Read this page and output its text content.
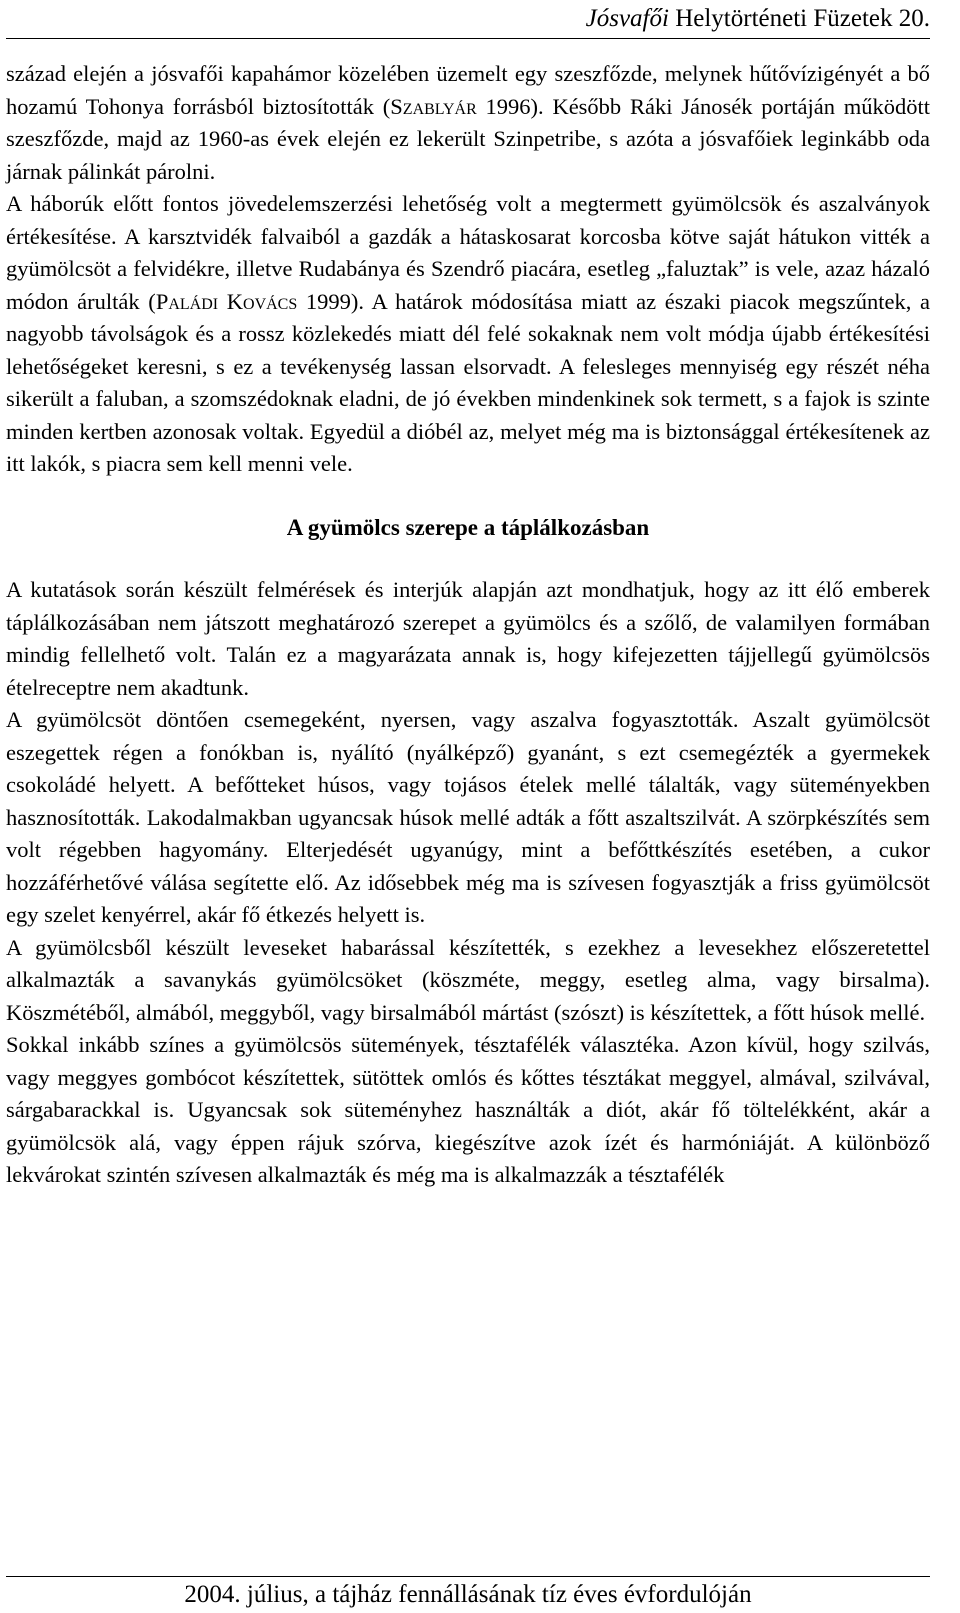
Jósvafői Helytörténeti Füzetek 20.

század elején a jósvafői kapahámor közelében üzemelt egy szeszfőzde, melynek hűtővízigényét a bő hozamú Tohonya forrásból biztosították (Szablyár 1996). Később Ráki Jánosék portáján működött szeszfőzde, majd az 1960-as évek elején ez lekerült Szinpetribe, s azóta a jósvafőiek leginkább oda járnak pálinkát párolni.

A háborúk előtt fontos jövedelemszerzési lehetőség volt a megtermett gyümölcsök és aszalványok értékesítése. A karsztvidék falvaiból a gazdák a hátaskosarat korcosba kötve saját hátukon vitték a gyümölcsöt a felvidékre, illetve Rudabánya és Szendrő piacára, esetleg „faluztak” is vele, azaz házaló módon árulták (Paládi Kovács 1999). A határok módosítása miatt az északi piacok megszűntek, a nagyobb távolságok és a rossz közlekedés miatt dél felé sokaknak nem volt módja újabb értékesítési lehetőségeket keresni, s ez a tevékenység lassan elsorvadt. A felesleges mennyiség egy részét néha sikerült a faluban, a szomszédoknak eladni, de jó években mindenkinek sok termett, s a fajok is szinte minden kertben azonosak voltak. Egyedül a dióbél az, melyet még ma is biztonsággal értékesítenek az itt lakók, s piacra sem kell menni vele.

A gyümölcs szerepe a táplálkozásban

A kutatások során készült felmérések és interjúk alapján azt mondhatjuk, hogy az itt élő emberek táplálkozásában nem játszott meghatározó szerepet a gyümölcs és a szőlő, de valamilyen formában mindig fellelhető volt. Talán ez a magyarázata annak is, hogy kifejezetten tájjellegű gyümölcsös ételreceptre nem akadtunk.

A gyümölcsöt döntően csemegeként, nyersen, vagy aszalva fogyasztották. Aszalt gyümölcsöt eszegettek régen a fonókban is, nyálító (nyálképző) gyanánt, s ezt csemegézték a gyermekek csokoládé helyett. A befőtteket húsos, vagy tojásos ételek mellé tálalták, vagy süteményekben hasznosították. Lakodalmakban ugyancsak húsok mellé adták a főtt aszaltszilvát. A szörpkészítés sem volt régebben hagyomány. Elterjedését ugyanúgy, mint a befőttkészítés esetében, a cukor hozzáférhetővé válása segítette elő. Az idősebbek még ma is szívesen fogyasztják a friss gyümölcsöt egy szelet kenyérrel, akár fő étkezés helyett is.

A gyümölcsből készült leveseket habarással készítették, s ezekhez a levesekhez előszeretettel alkalmazták a savanykás gyümölcsöket (köszméte, meggy, esetleg alma, vagy birsalma). Köszmétéből, almából, meggyből, vagy birsalmából mártást (szószt) is készítettek, a főtt húsok mellé.

Sokkal inkább színes a gyümölcsös sütemények, tésztafélék választéka. Azon kívül, hogy szilvás, vagy meggyes gombócot készítettek, sütöttek omlós és kőttes tésztákat meggyel, almával, szilvával, sárgabarackkal is. Ugyancsak sok süteményhez használták a diót, akár fő töltelékként, akár a gyümölcsök alá, vagy éppen rájuk szórva, kiegészítve azok ízét és harmóniáját. A különböző lekvárokat szintén szívesen alkalmazták és még ma is alkalmazzák a tésztafélék

2004. július, a tájház fennállásának tíz éves évfordulóján
